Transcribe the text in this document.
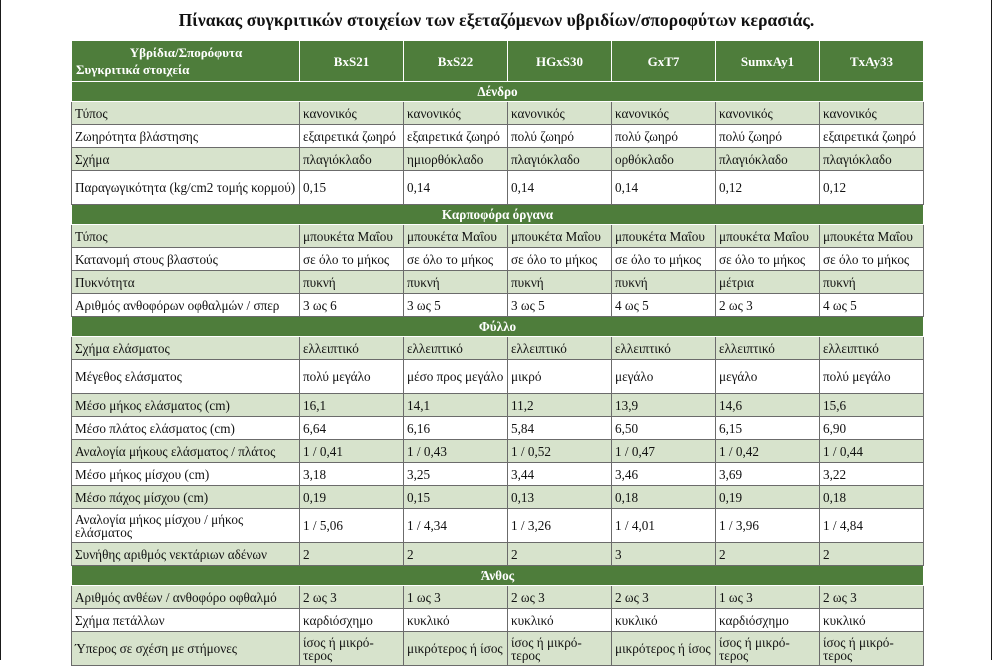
Πίνακας συγκριτικών στοιχείων των εξεταζόμενων υβριδίων/σποροφύτων κερασιάς.
Υβρίδια/Σπορόφυτα
Συγκριτικά στοιχεία	BxS21	BxS22	HGxS30	GxT7	SumxAy1	TxAy33
Δένδρο						
Τύπος	κανονικός	κανονικός	κανονικός	κανονικός	κανονικός	κανονικός
Ζωηρότητα βλάστησης	εξαιρετικά ζωηρό	εξαιρετικά ζωηρό	πολύ ζωηρό	πολύ ζωηρό	πολύ ζωηρό	εξαιρετικά ζωηρό
Σχήμα	πλαγιόκλαδο	ημιορθόκλαδο	πλαγιόκλαδο	ορθόκλαδο	πλαγιόκλαδο	πλαγιόκλαδο
Παραγωγικότητα (kg/cm2 τομής κορμού)	0,15	0,14	0,14	0,14	0,12	0,12
Καρποφόρα όργανα						
Τύπος	μπουκέτα Μαΐου	μπουκέτα Μαΐου	μπουκέτα Μαΐου	μπουκέτα Μαΐου	μπουκέτα Μαΐου	μπουκέτα Μαΐου
Κατανομή στους βλαστούς	σε όλο το μήκος	σε όλο το μήκος	σε όλο το μήκος	σε όλο το μήκος	σε όλο το μήκος	σε όλο το μήκος
Πυκνότητα	πυκνή	πυκνή	πυκνή	πυκνή	μέτρια	πυκνή
Αριθμός ανθοφόρων οφθαλμών / σπερ	3 ως 6	3 ως 5	3 ως 5	4 ως 5	2 ως 3	4 ως 5
Φύλλο						
Σχήμα ελάσματος	ελλειπτικό	ελλειπτικό	ελλειπτικό	ελλειπτικό	ελλειπτικό	ελλειπτικό
Μέγεθος ελάσματος	πολύ μεγάλο	μέσο προς μεγάλο	μικρό	μεγάλο	μεγάλο	πολύ μεγάλο
Μέσο μήκος ελάσματος (cm)	16,1	14,1	11,2	13,9	14,6	15,6
Μέσο πλάτος ελάσματος (cm)	6,64	6,16	5,84	6,50	6,15	6,90
Αναλογία μήκους ελάσματος / πλάτος	1 / 0,41	1 / 0,43	1 / 0,52	1 / 0,47	1 / 0,42	1 / 0,44
Μέσο μήκος μίσχου (cm)	3,18	3,25	3,44	3,46	3,69	3,22
Μέσο πάχος μίσχου (cm)	0,19	0,15	0,13	0,18	0,19	0,18
Αναλογία μήκος μίσχου / μήκος ελάσματος	1 / 5,06	1 / 4,34	1 / 3,26	1 / 4,01	1 / 3,96	1 / 4,84
Συνήθης αριθμός νεκτάριων αδένων	2	2	2	3	2	2
Άνθος						
Αριθμός ανθέων / ανθοφόρο οφθαλμό	2 ως 3	1 ως 3	2 ως 3	2 ως 3	1 ως 3	2 ως 3
Σχήμα πετάλλων	καρδιόσχημο	κυκλικό	κυκλικό	κυκλικό	καρδιόσχημο	κυκλικό
Ύπερος σε σχέση με στήμονες	ίσος ή μικρό-τερος	μικρότερος ή ίσος	ίσος ή μικρό-τερος	μικρότερος ή ίσος	ίσος ή μικρό-τερος	ίσος ή μικρό-τερος
